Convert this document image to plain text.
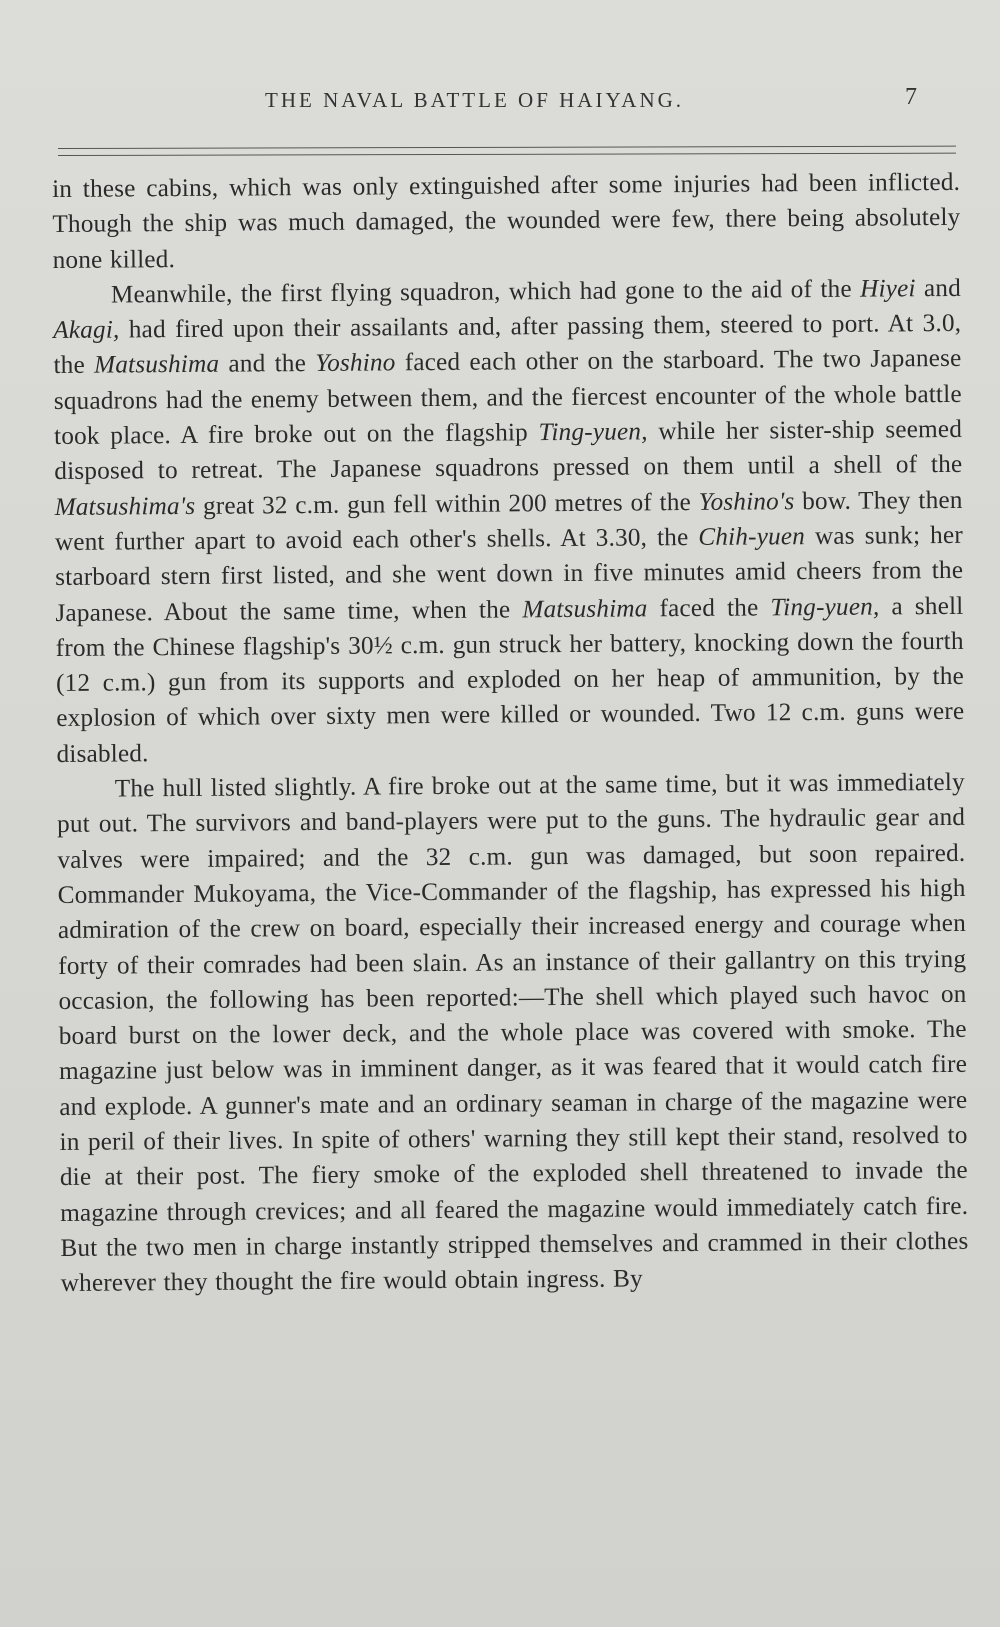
THE NAVAL BATTLE OF HAIYANG.	7

in these cabins, which was only extinguished after some injuries had been inflicted. Though the ship was much damaged, the wounded were few, there being absolutely none killed.

Meanwhile, the first flying squadron, which had gone to the aid of the Hiyei and Akagi, had fired upon their assailants and, after passing them, steered to port. At 3.0, the Matsushima and the Yoshino faced each other on the starboard. The two Japanese squadrons had the enemy between them, and the fiercest encounter of the whole battle took place. A fire broke out on the flagship Ting-yuen, while her sister-ship seemed disposed to retreat. The Japanese squadrons pressed on them until a shell of the Matsushima's great 32 c.m. gun fell within 200 metres of the Yoshino's bow. They then went further apart to avoid each other's shells. At 3.30, the Chih-yuen was sunk; her starboard stern first listed, and she went down in five minutes amid cheers from the Japanese. About the same time, when the Matsushima faced the Ting-yuen, a shell from the Chinese flagship's 30½ c.m. gun struck her battery, knocking down the fourth (12 c.m.) gun from its supports and exploded on her heap of ammunition, by the explosion of which over sixty men were killed or wounded. Two 12 c.m. guns were disabled.

The hull listed slightly. A fire broke out at the same time, but it was immediately put out. The survivors and band-players were put to the guns. The hydraulic gear and valves were impaired; and the 32 c.m. gun was damaged, but soon repaired. Commander Mukoyama, the Vice-Commander of the flagship, has expressed his high admiration of the crew on board, especially their increased energy and courage when forty of their comrades had been slain. As an instance of their gallantry on this trying occasion, the following has been reported:—The shell which played such havoc on board burst on the lower deck, and the whole place was covered with smoke. The magazine just below was in imminent danger, as it was feared that it would catch fire and explode. A gunner's mate and an ordinary seaman in charge of the magazine were in peril of their lives. In spite of others' warning they still kept their stand, resolved to die at their post. The fiery smoke of the exploded shell threatened to invade the magazine through crevices; and all feared the magazine would immediately catch fire. But the two men in charge instantly stripped themselves and crammed in their clothes wherever they thought the fire would obtain ingress. By
